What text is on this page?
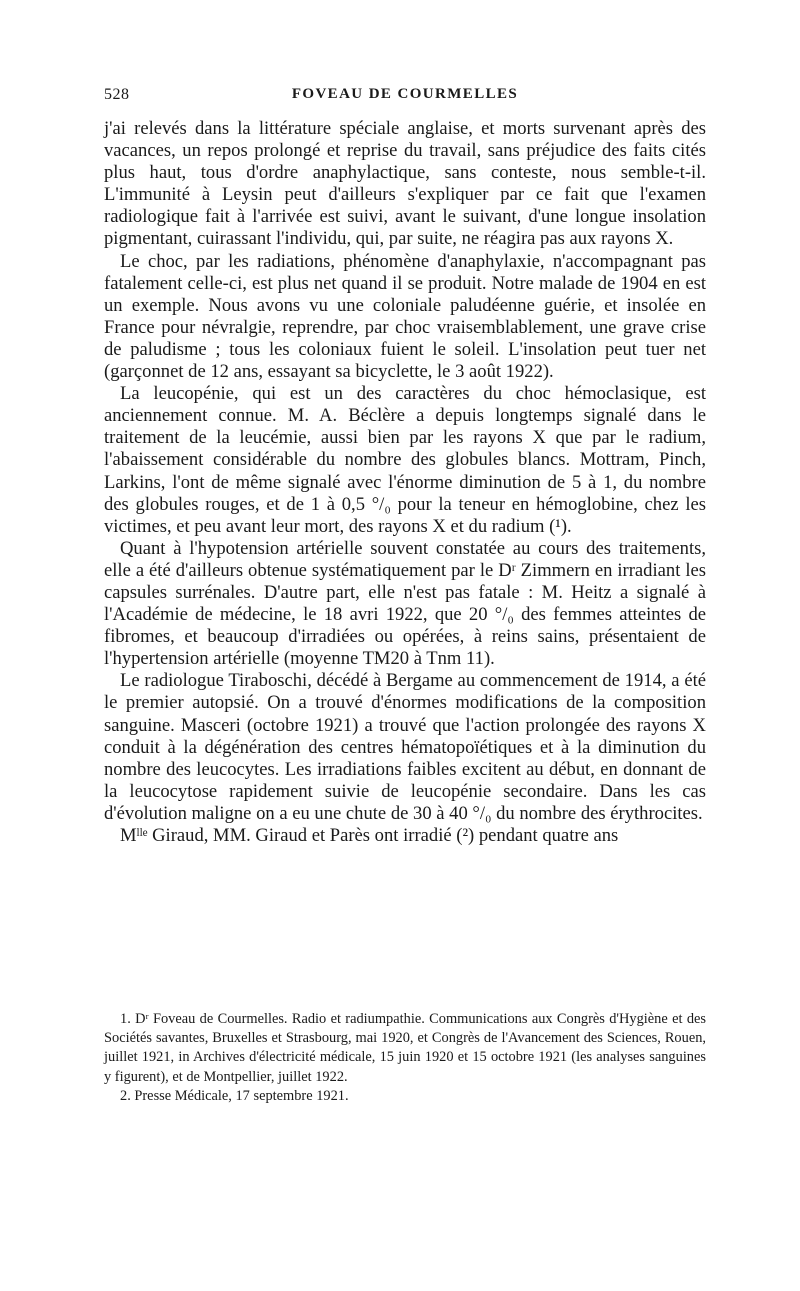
528	FOVEAU DE COURMELLES

j'ai relevés dans la littérature spéciale anglaise, et morts survenant après des vacances, un repos prolongé et reprise du travail, sans préjudice des faits cités plus haut, tous d'ordre anaphylactique, sans conteste, nous semble-t-il. L'immunité à Leysin peut d'ailleurs s'expliquer par ce fait que l'examen radiologique fait à l'arrivée est suivi, avant le suivant, d'une longue insolation pigmentant, cuirassant l'individu, qui, par suite, ne réagira pas aux rayons X.

Le choc, par les radiations, phénomène d'anaphylaxie, n'accompagnant pas fatalement celle-ci, est plus net quand il se produit. Notre malade de 1904 en est un exemple. Nous avons vu une coloniale paludéenne guérie, et insolée en France pour névralgie, reprendre, par choc vraisemblablement, une grave crise de paludisme ; tous les coloniaux fuient le soleil. L'insolation peut tuer net (garçonnet de 12 ans, essayant sa bicyclette, le 3 août 1922).

La leucopénie, qui est un des caractères du choc hémoclasique, est anciennement connue. M. A. Béclère a depuis longtemps signalé dans le traitement de la leucémie, aussi bien par les rayons X que par le radium, l'abaissement considérable du nombre des globules blancs. Mottram, Pinch, Larkins, l'ont de même signalé avec l'énorme diminution de 5 à 1, du nombre des globules rouges, et de 1 à 0,5 °/₀ pour la teneur en hémoglobine, chez les victimes, et peu avant leur mort, des rayons X et du radium (¹).

Quant à l'hypotension artérielle souvent constatée au cours des traitements, elle a été d'ailleurs obtenue systématiquement par le Dʳ Zimmern en irradiant les capsules surrénales. D'autre part, elle n'est pas fatale : M. Heitz a signalé à l'Académie de médecine, le 18 avri 1922, que 20 °/₀ des femmes atteintes de fibromes, et beaucoup d'irradiées ou opérées, à reins sains, présentaient de l'hypertension artérielle (moyenne TM20 à Tnm 11).

Le radiologue Tiraboschi, décédé à Bergame au commencement de 1914, a été le premier autopsié. On a trouvé d'énormes modifications de la composition sanguine. Masceri (octobre 1921) a trouvé que l'action prolongée des rayons X conduit à la dégénération des centres hématopoïétiques et à la diminution du nombre des leucocytes. Les irradiations faibles excitent au début, en donnant de la leucocytose rapidement suivie de leucopénie secondaire. Dans les cas d'évolution maligne on a eu une chute de 30 à 40 °/₀ du nombre des érythrocites.

Mˡˡᵉ Giraud, MM. Giraud et Parès ont irradié (²) pendant quatre ans

1. Dʳ Foveau de Courmelles. Radio et radiumpathie. Communications aux Congrès d'Hygiène et des Sociétés savantes, Bruxelles et Strasbourg, mai 1920, et Congrès de l'Avancement des Sciences, Rouen, juillet 1921, in Archives d'électricité médicale, 15 juin 1920 et 15 octobre 1921 (les analyses sanguines y figurent), et de Montpellier, juillet 1922.

2. Presse Médicale, 17 septembre 1921.
